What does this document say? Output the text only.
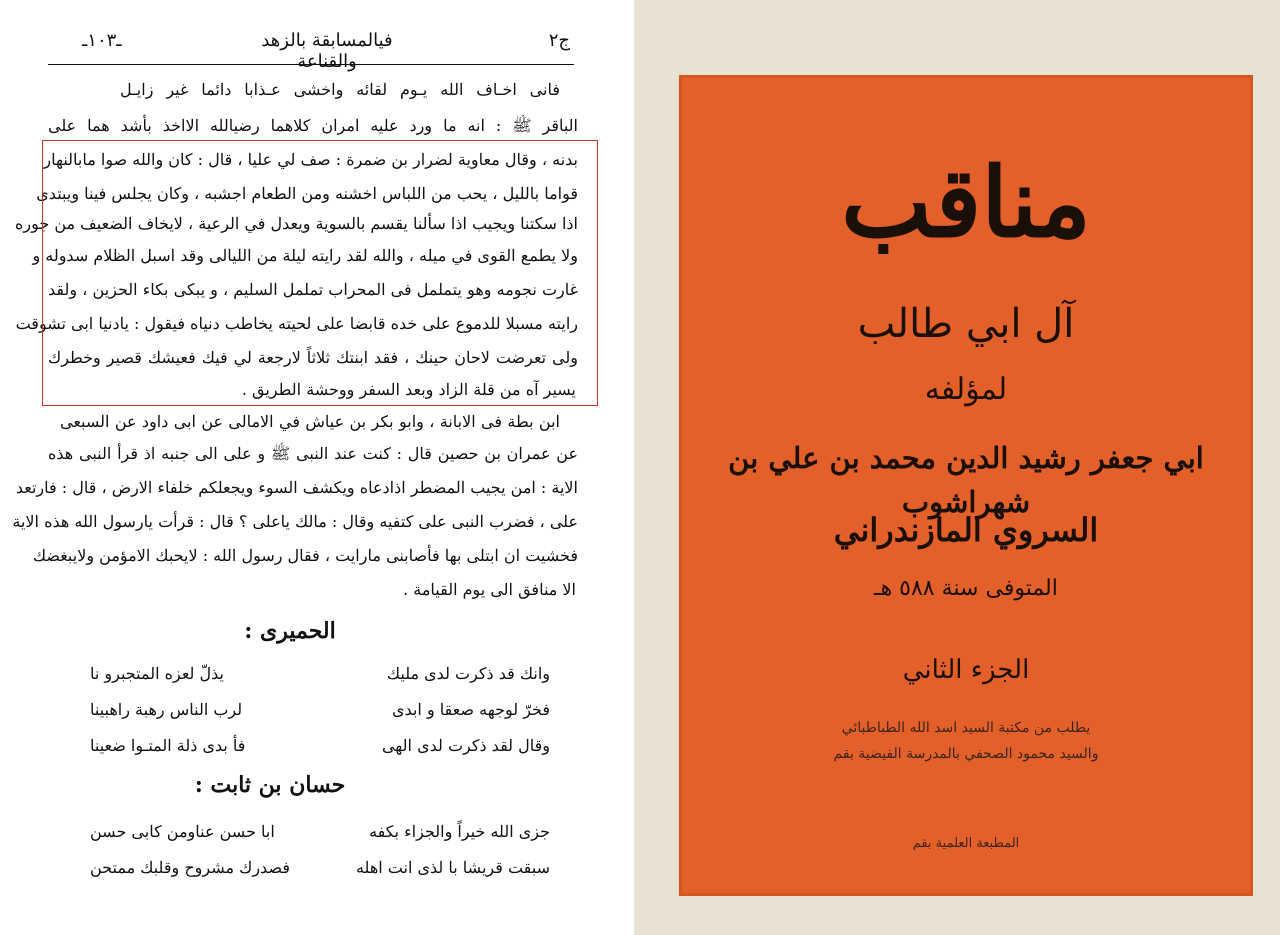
ج٢
فيالمسابقة بالزهد والقناعة
ـ١٠٣ـ
فانى اخـاف الله يـوم لقائه واخشى عـذابا دائما غير زايـل
الباقر ﷺ : انه ما ورد عليه امران كلاهما رضيالله الااخذ بأشد هما على
بدنه ، وقال معاوية لضرار بن ضمرة : صف لي عليا ، قال : كان والله صوا مابالنهار
قواما بالليل ، يحب من اللباس اخشنه ومن الطعام اجشبه ، وكان يجلس فينا ويبتدى
اذا سكتنا ويجيب اذا سألنا يقسم بالسوية ويعدل في الرعية ، لايخاف الضعيف من جوره
ولا يطمع القوى في ميله ، والله لقد رايته ليلة من الليالى وقد اسبل الظلام سدوله و
غارت نجومه وهو يتململ فى المحراب تململ السليم ، و يبكى بكاء الحزين ، ولقد
رايته مسبلا للدموع على خده قابضا على لحيته يخاطب دنياه فيقول : يادنيا ابى تشوقت
ولى تعرضت لاحان حينك ، فقد ابنتك ثلاثاً لارجعة لي فيك فعيشك قصير وخطرك
يسير آه من قلة الزاد وبعد السفر ووحشة الطريق .
ابن بطة فى الابانة ، وابو بكر بن عياش في الامالى عن ابى داود عن السبعى
عن عمران بن حصين قال : كنت عند النبى ﷺ و على الى جنبه اذ قرأ النبى هذه
الاية : امن يجيب المضطر اذادعاه ويكشف السوء ويجعلكم خلفاء الارض ، قال : فارتعد
على ، فضرب النبى على كتفيه وقال : مالك ياعلى ؟ قال : قرأت يارسول الله هذه الاية
فخشيت ان ابتلى بها فأصابنى مارايت ، فقال رسول الله : لايحبك الامؤمن ولايبغضك
الا منافق الى يوم القيامة .
الحميرى :
وانك قد ذكرت لدى مليك
يذلّ لعزه المتجبرو نا
فخرّ لوجهه صعقا و ابدى
لرب الناس رهبة راهبينا
وقال لقد ذكرت لدى الهى
فأ بدى ذلة المتـوا ضعينا
حسان بن ثابت :
جزى الله خيراً والجزاء بكفه
ابا حسن عناومن كابى حسن
سبقت قريشا با لذى انت اهله
فصدرك مشروح وقلبك ممتحن
مناقب
آل ابي طالب
لمؤلفه
ابي جعفر رشيد الدين محمد بن علي بن شهراشوب
السروي المازندراني
المتوفى سنة ٥٨٨ هـ
الجزء الثاني
يطلب من مكتبة السيد اسد الله الطباطبائي
والسيد محمود الصحفي بالمدرسة الفيضية بقم
المطبعة العلمية بقم
